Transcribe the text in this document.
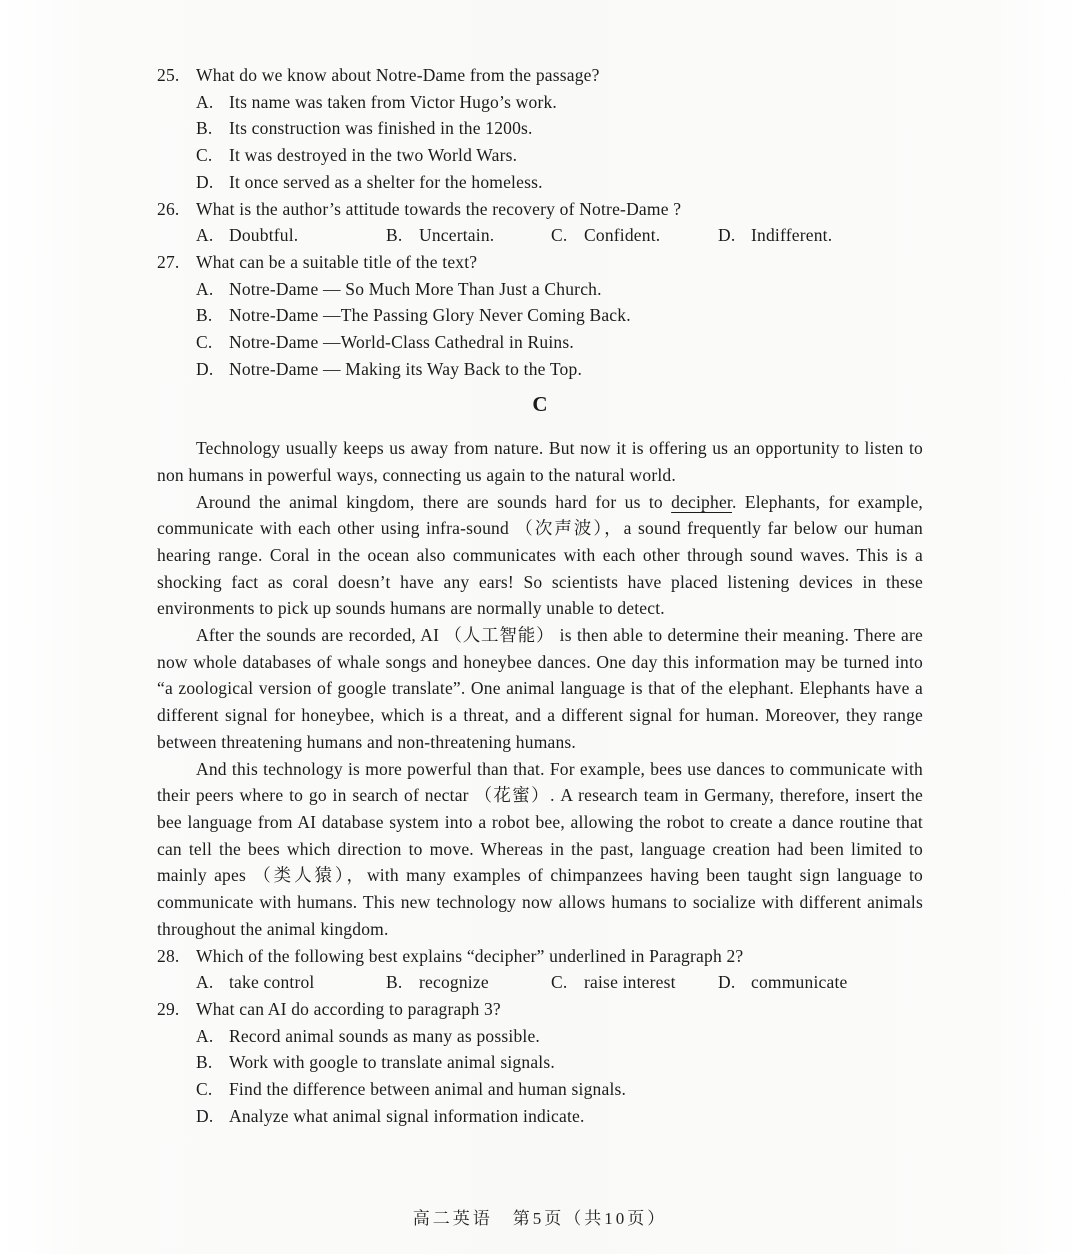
25. What do we know about Notre-Dame from the passage?
A. Its name was taken from Victor Hugo’s work.
B. Its construction was finished in the 1200s.
C. It was destroyed in the two World Wars.
D. It once served as a shelter for the homeless.
26. What is the author’s attitude towards the recovery of Notre-Dame ?
A. Doubtful.	B. Uncertain.	C. Confident.	D. Indifferent.
27. What can be a suitable title of the text?
A. Notre-Dame — So Much More Than Just a Church.
B. Notre-Dame —The Passing Glory Never Coming Back.
C. Notre-Dame —World-Class Cathedral in Ruins.
D. Notre-Dame — Making its Way Back to the Top.
C

Technology usually keeps us away from nature. But now it is offering us an opportunity to listen to non humans in powerful ways, connecting us again to the natural world.

Around the animal kingdom, there are sounds hard for us to decipher. Elephants, for example, communicate with each other using infra-sound （次声波），a sound frequently far below our human hearing range. Coral in the ocean also communicates with each other through sound waves. This is a shocking fact as coral doesn’t have any ears! So scientists have placed listening devices in these environments to pick up sounds humans are normally unable to detect.

After the sounds are recorded, AI （人工智能） is then able to determine their meaning. There are now whole databases of whale songs and honeybee dances. One day this information may be turned into “a zoological version of google translate”. One animal language is that of the elephant. Elephants have a different signal for honeybee, which is a threat, and a different signal for human. Moreover, they range between threatening humans and non-threatening humans.

And this technology is more powerful than that. For example, bees use dances to communicate with their peers where to go in search of nectar （花蜜）. A research team in Germany, therefore, insert the bee language from AI database system into a robot bee, allowing the robot to create a dance routine that can tell the bees which direction to move. Whereas in the past, language creation had been limited to mainly apes （类人猿），with many examples of chimpanzees having been taught sign language to communicate with humans. This new technology now allows humans to socialize with different animals throughout the animal kingdom.

28. Which of the following best explains “decipher” underlined in Paragraph 2?
A. take control	B. recognize	C. raise interest	D. communicate
29. What can AI do according to paragraph 3?
A. Record animal sounds as many as possible.
B. Work with google to translate animal signals.
C. Find the difference between animal and human signals.
D. Analyze what animal signal information indicate.
高二英语　第5页（共10页）
